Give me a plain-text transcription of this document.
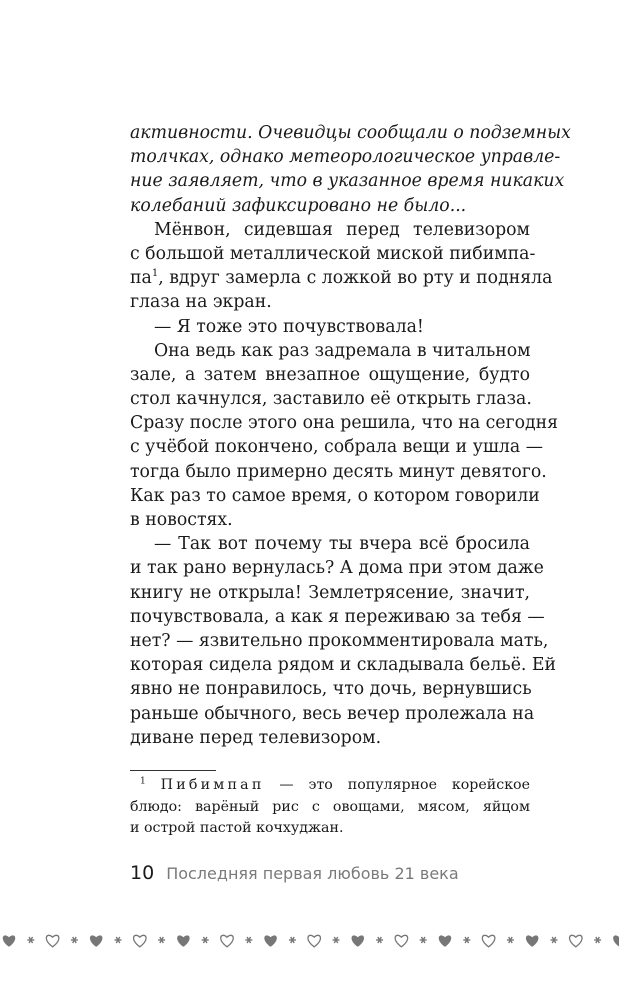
активности. Очевидцы сообщали о подземных
толчках, однако метеорологическое управле-
ние заявляет, что в указанное время никаких
колебаний зафиксировано не было...
Мёнвон, сидевшая перед телевизором
с большой металлической миской пибимпа-
па$^1$, вдруг замерла с ложкой во рту и подняла
глаза на экран.
— Я тоже это почувствовала!
Она ведь как раз задремала в читальном
зале, а затем внезапное ощущение, будто
стол качнулся, заставило её открыть глаза.
Сразу после этого она решила, что на сегодня
с учёбой покончено, собрала вещи и ушла —
тогда было примерно десять минут девятого.
Как раз то самое время, о котором говорили
в новостях.
— Так вот почему ты вчера всё бросила
и так рано вернулась? А дома при этом даже
книгу не открыла! Землетрясение, значит,
почувствовала, а как я переживаю за тебя —
нет? — язвительно прокомментировала мать,
которая сидела рядом и складывала бельё. Ей
явно не понравилось, что дочь, вернувшись
раньше обычного, весь вечер пролежала на
диване перед телевизором.
$^1$ Пибимпап — это популярное корейское
блюдо: варёный рис с овощами, мясом, яйцом
и острой пастой кочхуджан.
10 Последняя первая любовь 21 века
